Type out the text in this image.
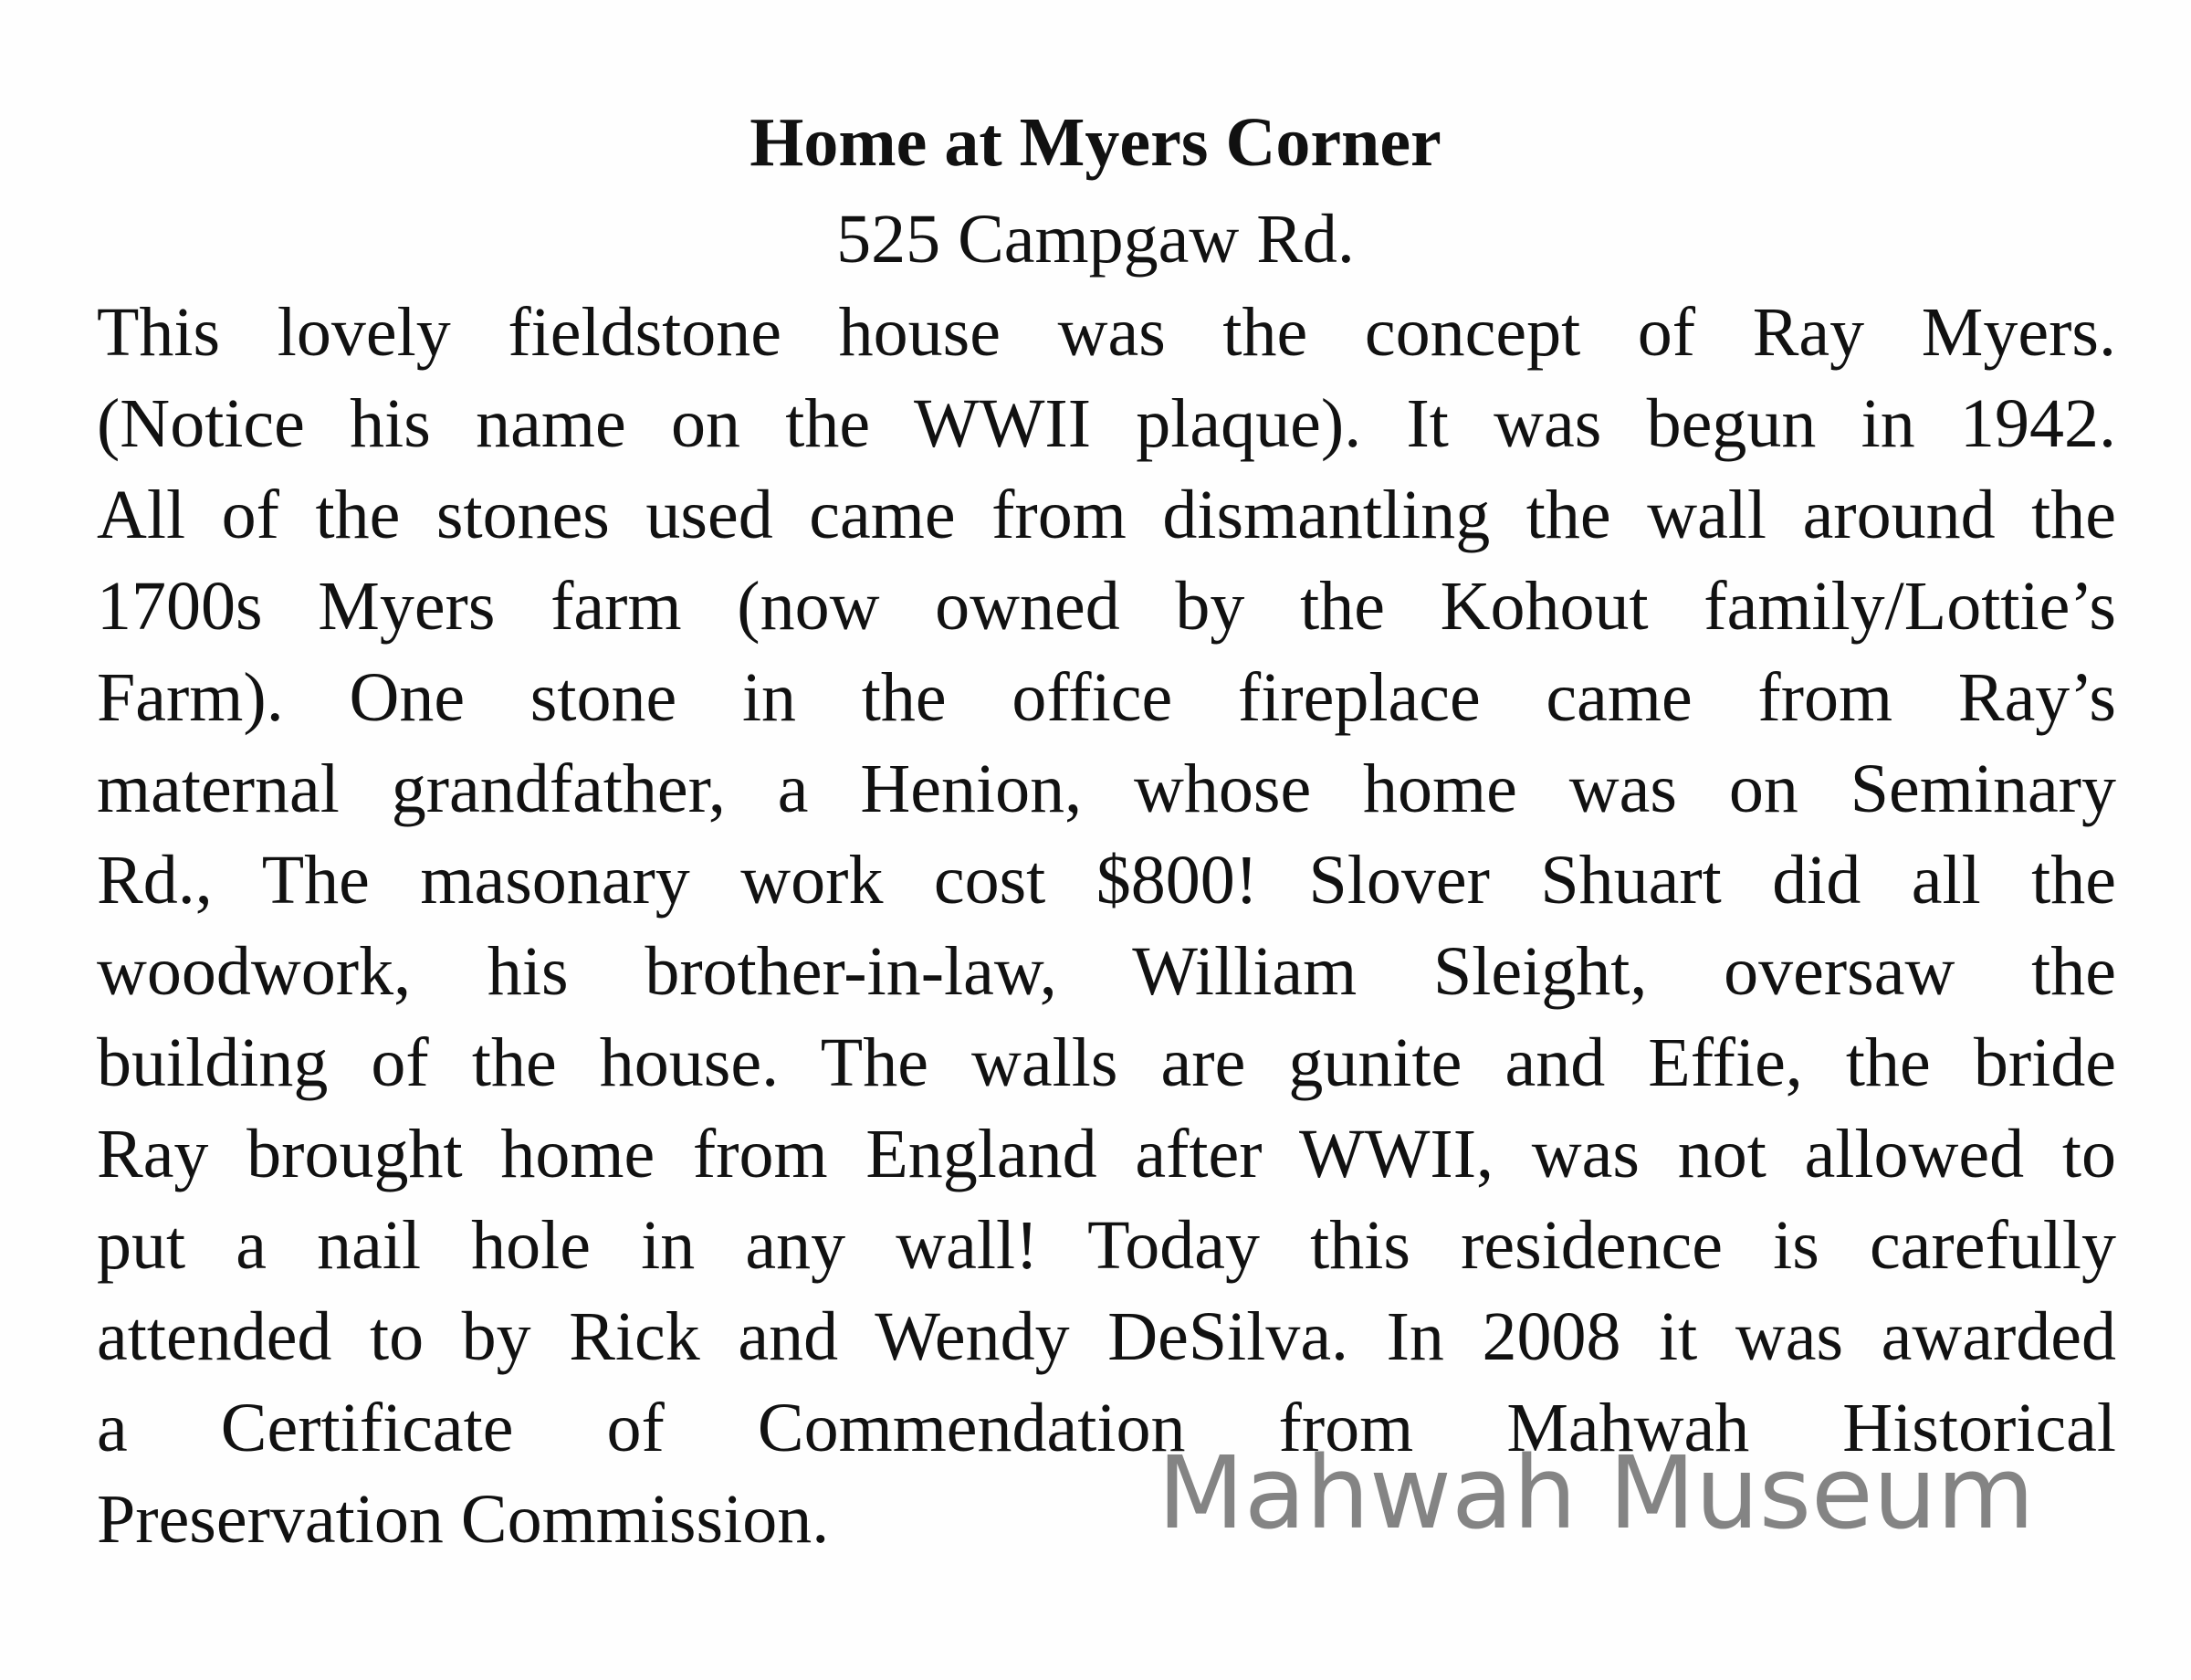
Home at Myers Corner
525 Campgaw Rd.
This lovely fieldstone house was the concept of Ray Myers.
(Notice his name on the WWII plaque). It was begun in 1942.
All of the stones used came from dismantling the wall around the
1700s Myers farm (now owned by the Kohout family/Lottie’s
Farm). One stone in the office fireplace came from Ray’s
maternal grandfather, a Henion, whose home was on Seminary
Rd., The masonary work cost $800! Slover Shuart did all the
woodwork, his brother-in-law, William Sleight, oversaw the
building of the house. The walls are gunite and Effie, the bride
Ray brought home from England after WWII, was not allowed to
put a nail hole in any wall! Today this residence is carefully
attended to by Rick and Wendy DeSilva. In 2008 it was awarded
a Certificate of Commendation from Mahwah Historical
Preservation Commission.	Mahwah Museum
